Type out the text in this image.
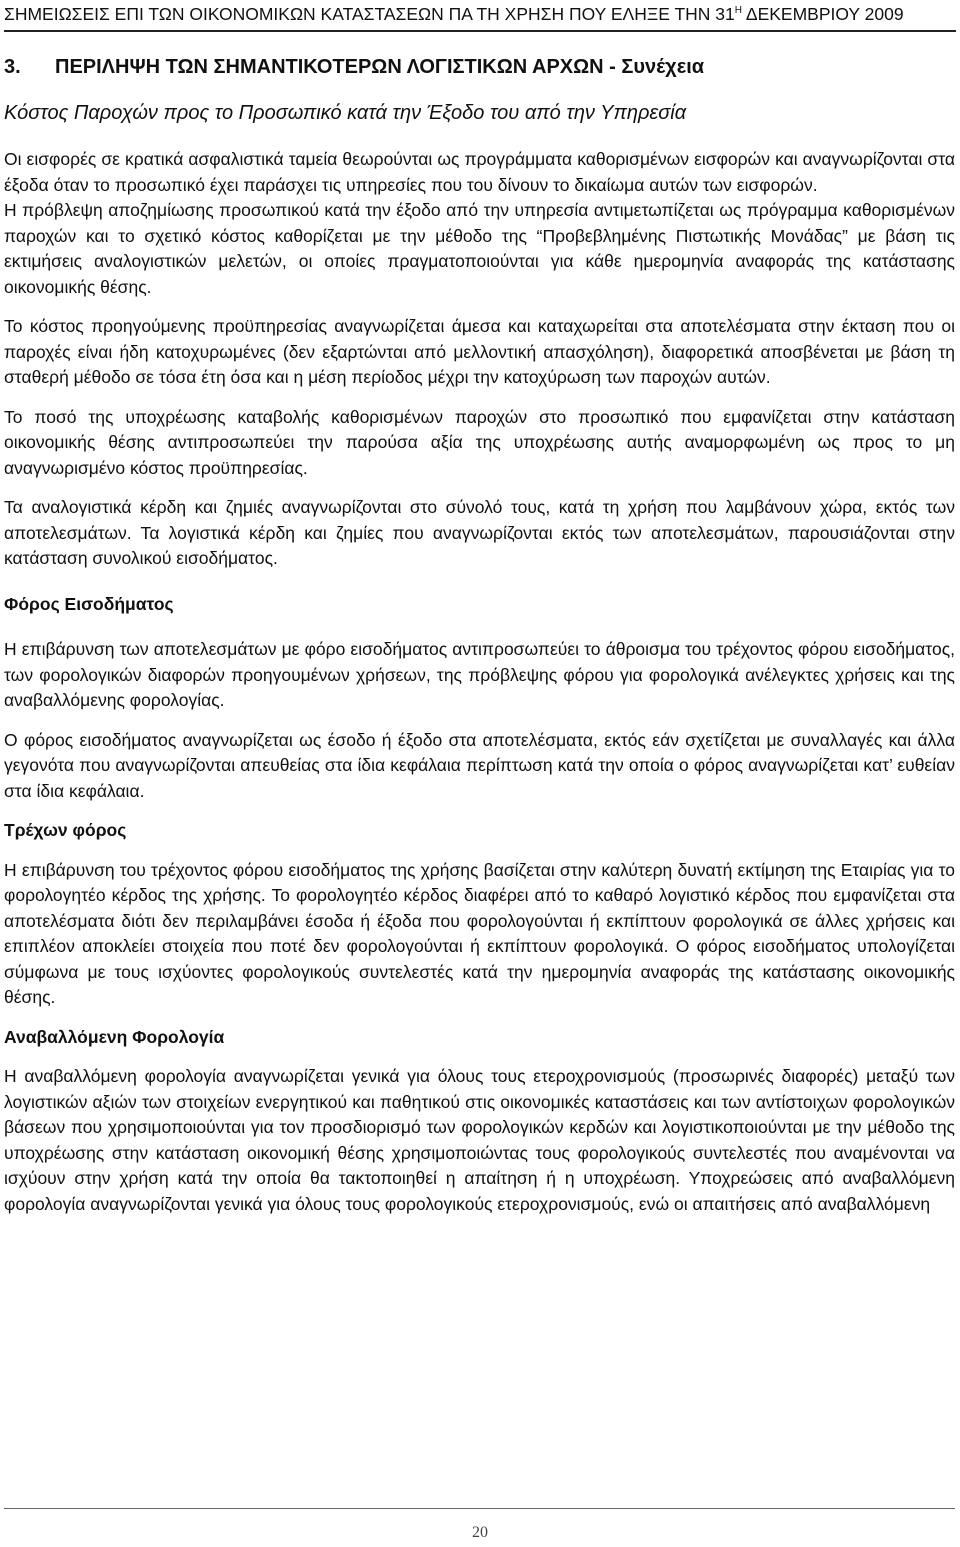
ΣΗΜΕΙΩΣΕΙΣ ΕΠΙ ΤΩΝ ΟΙΚΟΝΟΜΙΚΩΝ ΚΑΤΑΣΤΑΣΕΩΝ ΠΑ ΤΗ ΧΡΗΣΗ ΠΟΥ ΕΛΗΞΕ ΤΗΝ $31^H$ ΔΕΚΕΜΒΡΙΟΥ 2009
3. ΠΕΡΙΛΗΨΗ ΤΩΝ ΣΗΜΑΝΤΙΚΟΤΕΡΩΝ ΛΟΓΙΣΤΙΚΩΝ ΑΡΧΩΝ - Συνέχεια
Κόστος Παροχών προς το Προσωπικό κατά την Έξοδο του από την Υπηρεσία

Οι εισφορές σε κρατικά ασφαλιστικά ταμεία θεωρούνται ως προγράμματα καθορισμένων εισφορών και αναγνωρίζονται στα έξοδα όταν το προσωπικό έχει παράσχει τις υπηρεσίες που του δίνουν το δικαίωμα αυτών των εισφορών.

Η πρόβλεψη αποζημίωσης προσωπικού κατά την έξοδο από την υπηρεσία αντιμετωπίζεται ως πρόγραμμα καθορισμένων παροχών και το σχετικό κόστος καθορίζεται με την μέθοδο της “Προβεβλημένης Πιστωτικής Μονάδας” με βάση τις εκτιμήσεις αναλογιστικών μελετών, οι οποίες πραγματοποιούνται για κάθε ημερομηνία αναφοράς της κατάστασης οικονομικής θέσης.

Το κόστος προηγούμενης προϋπηρεσίας αναγνωρίζεται άμεσα και καταχωρείται στα αποτελέσματα στην έκταση που οι παροχές είναι ήδη κατοχυρωμένες (δεν εξαρτώνται από μελλοντική απασχόληση), διαφορετικά αποσβένεται με βάση τη σταθερή μέθοδο σε τόσα έτη όσα και η μέση περίοδος μέχρι την κατοχύρωση των παροχών αυτών.

Το ποσό της υποχρέωσης καταβολής καθορισμένων παροχών στο προσωπικό που εμφανίζεται στην κατάσταση οικονομικής θέσης αντιπροσωπεύει την παρούσα αξία της υποχρέωσης αυτής αναμορφωμένη ως προς το μη αναγνωρισμένο κόστος προϋπηρεσίας.

Τα αναλογιστικά κέρδη και ζημιές αναγνωρίζονται στο σύνολό τους, κατά τη χρήση που λαμβάνουν χώρα, εκτός των αποτελεσμάτων. Τα λογιστικά κέρδη και ζημίες που αναγνωρίζονται εκτός των αποτελεσμάτων, παρουσιάζονται στην κατάσταση συνολικού εισοδήματος.

Φόρος Εισοδήματος

Η επιβάρυνση των αποτελεσμάτων με φόρο εισοδήματος αντιπροσωπεύει το άθροισμα του τρέχοντος φόρου εισοδήματος, των φορολογικών διαφορών προηγουμένων χρήσεων, της πρόβλεψης φόρου για φορολογικά ανέλεγκτες χρήσεις και της αναβαλλόμενης φορολογίας.

Ο φόρος εισοδήματος αναγνωρίζεται ως έσοδο ή έξοδο στα αποτελέσματα, εκτός εάν σχετίζεται με συναλλαγές και άλλα γεγονότα που αναγνωρίζονται απευθείας στα ίδια κεφάλαια περίπτωση κατά την οποία ο φόρος αναγνωρίζεται κατ’ ευθείαν στα ίδια κεφάλαια.

Τρέχων φόρος

Η επιβάρυνση του τρέχοντος φόρου εισοδήματος της χρήσης βασίζεται στην καλύτερη δυνατή εκτίμηση της Εταιρίας για το φορολογητέο κέρδος της χρήσης. Το φορολογητέο κέρδος διαφέρει από το καθαρό λογιστικό κέρδος που εμφανίζεται στα αποτελέσματα διότι δεν περιλαμβάνει έσοδα ή έξοδα που φορολογούνται ή εκπίπτουν φορολογικά σε άλλες χρήσεις και επιπλέον αποκλείει στοιχεία που ποτέ δεν φορολογούνται ή εκπίπτουν φορολογικά. Ο φόρος εισοδήματος υπολογίζεται σύμφωνα με τους ισχύοντες φορολογικούς συντελεστές κατά την ημερομηνία αναφοράς της κατάστασης οικονομικής θέσης.

Αναβαλλόμενη Φορολογία

Η αναβαλλόμενη φορολογία αναγνωρίζεται γενικά για όλους τους ετεροχρονισμούς (προσωρινές διαφορές) μεταξύ των λογιστικών αξιών των στοιχείων ενεργητικού και παθητικού στις οικονομικές καταστάσεις και των αντίστοιχων φορολογικών βάσεων που χρησιμοποιούνται για τον προσδιορισμό των φορολογικών κερδών και λογιστικοποιούνται με την μέθοδο της υποχρέωσης στην κατάσταση οικονομική θέσης χρησιμοποιώντας τους φορολογικούς συντελεστές που αναμένονται να ισχύουν στην χρήση κατά την οποία θα τακτοποιηθεί η απαίτηση ή η υποχρέωση. Υποχρεώσεις από αναβαλλόμενη φορολογία αναγνωρίζονται γενικά για όλους τους φορολογικούς ετεροχρονισμούς, ενώ οι απαιτήσεις από αναβαλλόμενη

20
